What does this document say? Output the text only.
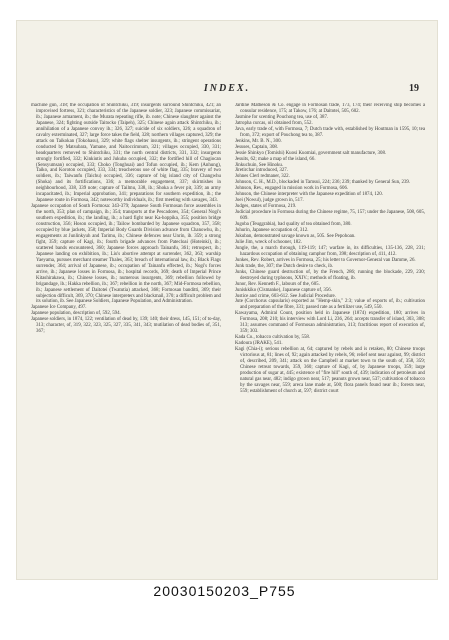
INDEX.	19

machine gun, 318; the occupation of Shintchiku, 319; insurgents surround Shintchiku, 421; an improvised fortress, 321; characteristics of the Japanese soldier, 323; Japanese commissariat, ib.; Japanese armament, ib.; the Murata repeating rifle, ib. note; Chinese slaughter against the Japanese, 324; fighting outside Taitocko (Taipeh), 325; Chinese again attack Shintchiku, ib.; annihilation of a Japanese convoy ib.; 326, 327; suicide of six soldiers, 326; a squadron of cavalry exterminated, 327; large force takes the field, 328; northern villages captured, 329; the attack on Taikokan (Tokohasu), 329; white flags shelter insurgents, ib.; stringent operations conducted by Matsubara, Yamane, and Naitoccimnum, 321; villages occupied, 330, 331; headquarters removed to Shintchiku, 331; the north central districts, 331, 332; insurgents strongly fortified, 332; Kinkiutis and Jukuba occupied, 332; the fortified hill of Chagiocan (Sensyumsan) occupied, 333; Choko (Tonghuai) and Tofun occupied, ib.; Kem (Anhung), Taiko, and Koroton occupied, 333, 334; treacherous use of white flag, 335; bravery of two soldiers, ib.; Taiwanfu (Taichu) occupied, 336; capture of big island city of Changwhu (Shoka) and its fortifications, 336; a memorable engagement, 337; skirmishes in neighbourhood, 338, 339 note; capture of Tailmu, 338, ib.; Shoka a fever pit, 339; an army incapacitated, ib.; Imperial approbation, 341; preparations for southern expedition, ib.; the Japanese route in Formosa, 342; noteworthy individuals, ib.; first meeting with savages, 343.

Japanese occupation of South Formosa: 343-379; Japanese South Formosan force assembles in the north, 353; plan of campaign, ib.; 354; transports at the Pescadores, 354; General Nogi's southern expedition, ib.; the landing, ib.; a hard fight near Ka-hoppika, 355; position bridge construction, 356; Hoson occupied, ib.; Tailow bombarded by Japanese squadron, 357, 358; occupied by blue jackets, 358; Imperial Body Guards Division advance from Chanowhu, ib.; engagements at Junlinkyuh and Tarimu, ib.; Chinese defences near Unrin, ib. 359; a strong fight, 359; capture of Kagi, ib.; fourth brigade advances from Patecloai (Hoteinki), ib.; scattered bands encountered, 360; Japanese forces approach Tainanfu, 361; retrospect, ib.; Japanese landing on exhibition, ib.; Liu's abortive attempt at surrender, 362, 363; warship Yaeyama, pursues merchant steamer Thales, 363; breach of international law, ib.; Black Flags surrender, 364; arrival of Japanese, ib.; occupation of Tainanfu effected, ib.; Nogi's forces arrive, ib.; Japanese losses in Formosa, ib.; hospital records, 369; death of Imperial Prince Kitashirakawa, ib.; Chinese losses, ib.; numerous insurgents, 369; rebellion followed by brigandage, ib.; Hakka rebellion, ib.; 367; rebellion in the north, 367; Mid-Formosa rebellion, ib.; Japanese settlement of Daitotei (Twatutia) attacked, 368; Formosan banditti, 369; their subjection difficult, 369, 370; Chinese interpreters and blackmail, 370; a difficult problem and its solution, ib. See Japanese Soldiers, Japanese Population, and Administration.

Japanese Ice Company, 497.

Japanese population, description of, 592, 594.

Japanese soldiers, in 1874, 122; ventilation of dead by, 139; 140; their dress, 145, 151; of to-day, 313; character, of, 319, 322, 323, 325, 327, 335, 341, 343; mutilation of dead bodies of, 351, 367;

Jardine Matheson & Co. engage in Formosan trade, 173, 174; their receiving ship becomes a consular residence, 175; at Takow, 176; at Daitotei, 505, 602.

Jasmine for scenting Pouchong tea, use of, 387.

Jatropha curcas, oil obtained from, 552.

Java, early trade of, with Formosa, 7; Dutch trade with, established by Houtman in 1595, 10; tea from, 372; export of Pouchong tea to, 387.

Jenkins, Mr. B. N., 300.

Jesuses, Captain, 308.

Jessie Shinkyo (Tomishi) Kuosi Kuomiai, government salt manufacture, 308.

Jesuits, 62; make a map of the island, 66.

Jinkuchuin, See Hinoku.

Jiretirchar introduced, 327.

Johnes Clerl redmaner, 322.

Johnson, C. H., M.D., blockaded in Tamsui, 224; 236; 239; thanked by General Sun, 239.

Johnson, Rev., engaged in mission work in Formosa, 606.

Johnson, the Chinese interpreter with the Japanese expedition of 1874, 120.

Joei (Nowul), judge grown in, 517.

Judges, states of Formosa, 219.

Judicial procedure in Formosa during the Chinese regime, 75, 157; under the Japanese, 508, 605, 609.

Jugoba (Teuggrabia), bad quality of tea obtained from, 380.

Juhurin, Japanese occupation of, 312.

Jukuban, demonstrated savage known as, 505. See Pepohoan.

Julie Jim, wreck of schooner, 182.

Jungle, the, a march through, 119-119; 147; warfare in, its difficulties, 135-136, 228, 231; hazardous occupation of obtaining camphor from, 398; description of, 411, 412.

Junkes, Rev. Robert, arrives in Formosa, 25; his letter to Governor-General van Damme, 26.

Junk trade, the, 307; the Dutch desire to check, ib.

Junks, Chinese guard destruction of, by the French, 286; running the blockade, 229, 230; destroyed during typhoons, XXIV.; methods of floating, ib.

Junor, Rev. Kenneth F., labours of the, 605.

Juniskkiko (Clsmanke), Japanese capture of, 356.

Justice and crime, 603-612. See Judicial Procedure.

Jute (Corchorus capsularis) exported as "Hemp-skin," 2:3; value of exports of, ib.; cultivation and preparation of the fibre, 331; passed rate as a fertilizer use, 549, 550.

Kawayama, Admiral Count, position held in Japanese (1874) expedition, 180; arrives in Formosa, 208; 210; his interview with Lord Li, 236, 264; accepts transfer of island, 303, 308; 313; assumes command of Formosan administration, 313; fractitious report of execution of, 359; 303.

Kada Co., tobacco cultivation by, 558.

Kadoura (JRAKE), 541.

Kagi (Chia-i); serious rebellion at, 64; captured by rebels and is retaken, 80; Chinese troops victorious at, 81; lines of, 92; again attacked by rebels, 96; relief sent near against, 99; district of, described, 209, 341; attack on the Campbell at market town to the south of, 358, 359; Chinese retreat towards, 359, 360; capture of Kagi, of, by Japanese troops, 359; large production of sugar at, 445; existence of "fire hill" south of, 439; indication of petroleum and natural gas near, 482; indigo grown near, 517; peanuts grown near, 537; cultivation of tobacco by the savages near, 559; areca lane made at, 500; flora panels found near ib.; forests near, 559; establishment of church at, 597; district court

20030150203_P755
